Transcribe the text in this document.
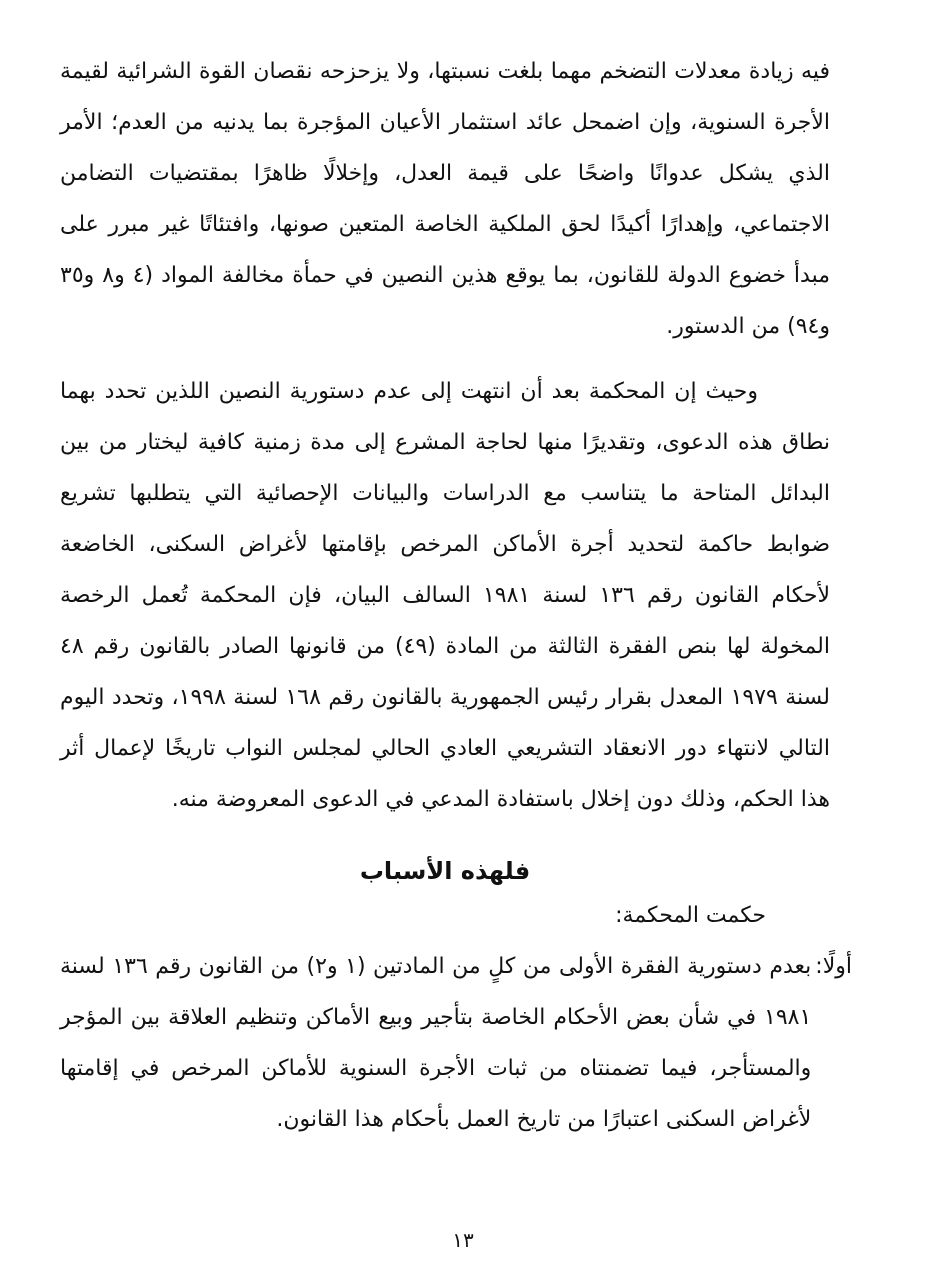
فيه زيادة معدلات التضخم مهما بلغت نسبتها، ولا يزحزحه نقصان القوة الشرائية لقيمة الأجرة السنوية، وإن اضمحل عائد استثمار الأعيان المؤجرة بما يدنيه من العدم؛ الأمر الذي يشكل عدوانًا واضحًا على قيمة العدل، وإخلالًا ظاهرًا بمقتضيات التضامن الاجتماعي، وإهدارًا أكيدًا لحق الملكية الخاصة المتعين صونها، وافتئاتًا غير مبرر على مبدأ خضوع الدولة للقانون، بما يوقع هذين النصين في حمأة مخالفة المواد (٤ و٨ و٣٥ و٩٤) من الدستور.

وحيث إن المحكمة بعد أن انتهت إلى عدم دستورية النصين اللذين تحدد بهما نطاق هذه الدعوى، وتقديرًا منها لحاجة المشرع إلى مدة زمنية كافية ليختار من بين البدائل المتاحة ما يتناسب مع الدراسات والبيانات الإحصائية التي يتطلبها تشريع ضوابط حاكمة لتحديد أجرة الأماكن المرخص بإقامتها لأغراض السكنى، الخاضعة لأحكام القانون رقم ١٣٦ لسنة ١٩٨١ السالف البيان، فإن المحكمة تُعمل الرخصة المخولة لها بنص الفقرة الثالثة من المادة (٤٩) من قانونها الصادر بالقانون رقم ٤٨ لسنة ١٩٧٩ المعدل بقرار رئيس الجمهورية بالقانون رقم ١٦٨ لسنة ١٩٩٨، وتحدد اليوم التالي لانتهاء دور الانعقاد التشريعي العادي الحالي لمجلس النواب تاريخًا لإعمال أثر هذا الحكم، وذلك دون إخلال باستفادة المدعي في الدعوى المعروضة منه.

فلهذه الأسباب

حكمت المحكمة:

أولًا:
بعدم دستورية الفقرة الأولى من كلٍ من المادتين (١ و٢) من القانون رقم ١٣٦ لسنة ١٩٨١ في شأن بعض الأحكام الخاصة بتأجير وبيع الأماكن وتنظيم العلاقة بين المؤجر والمستأجر، فيما تضمنتاه من ثبات الأجرة السنوية للأماكن المرخص في إقامتها لأغراض السكنى اعتبارًا من تاريخ العمل بأحكام هذا القانون.
١٣
